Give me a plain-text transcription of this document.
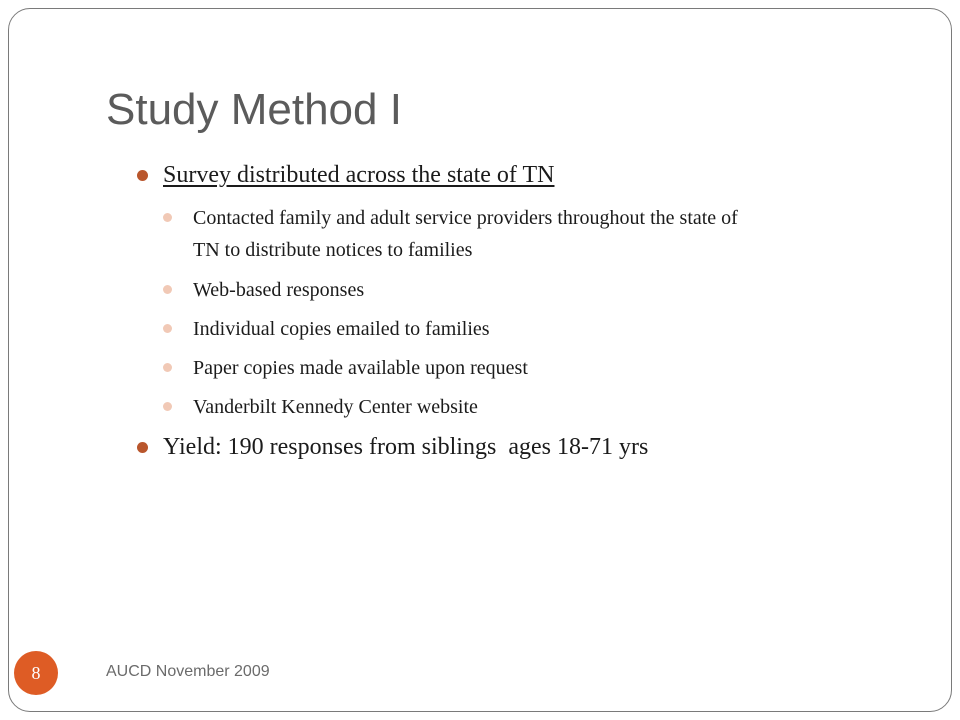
Study Method I
Survey distributed across the state of TN
Contacted family and adult service providers throughout the state of
TN to distribute notices to families
Web-based responses
Individual copies emailed to families
Paper copies made available upon request
Vanderbilt Kennedy Center website
Yield: 190 responses from siblings  ages 18-71 yrs
8	AUCD November 2009
